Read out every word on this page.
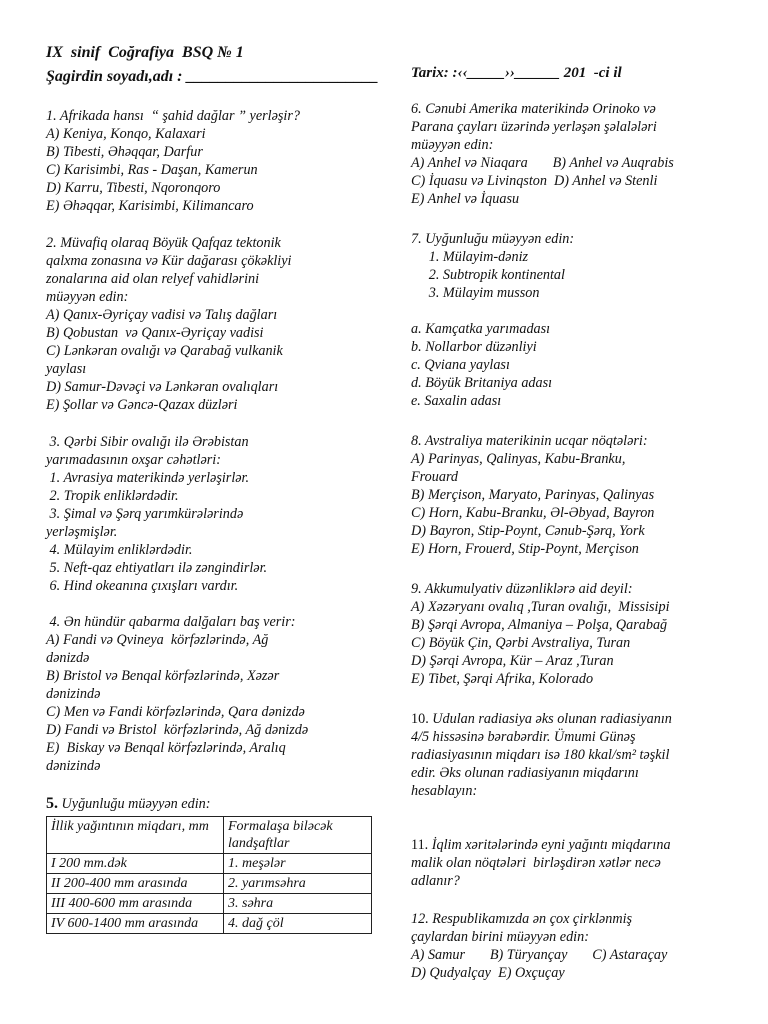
IX  sinif  Coğrafiya  BSQ № 1
Şagirdin soyadı,adı : ________________________ Tarix: :‹‹_____››______ 201  -ci il
1. Afrikada hansı  “ şahid dağlar ” yerləşir?
A) Keniya, Konqo, Kalaxari
B) Tibesti, Əhəqqar, Darfur
C) Karisimbi, Ras - Daşan, Kamerun
D) Karru, Tibesti, Nqoronqoro
E) Əhəqqar, Karisimbi, Kilimancaro
2. Müvafiq olaraq Böyük Qafqaz tektonik
qalxma zonasına və Kür dağarası çökəkliyi
zonalarına aid olan relyef vahidlərini
müəyyən edin:
A) Qanıx-Əyriçay vadisi və Talış dağları
B) Qobustan  və Qanıx-Əyriçay vadisi
C) Lənkəran ovalığı və Qarabağ vulkanik
yaylası
D) Samur-Dəvəçi və Lənkəran ovalıqları
E) Şollar və Gəncə-Qazax düzləri
3. Qərbi Sibir ovalığı ilə Ərəbistan
yarımadasının oxşar cəhətləri:
1. Avrasiya materikində yerləşirlər.
2. Tropik enliklərdədir.
3. Şimal və Şərq yarımkürələrində
yerləşmişlər.
4. Mülayim enliklərdədir.
5. Neft-qaz ehtiyatları ilə zəngindirlər.
6. Hind okeanına çıxışları vardır.
4. Ən hündür qabarma dalğaları baş verir:
A) Fandi və Qvineya  körfəzlərində, Ağ
dənizdə
B) Bristol və Benqal körfəzlərində, Xəzər
dənizində
C) Men və Fandi körfəzlərində, Qara dənizdə
D) Fandi və Bristol  körfəzlərində, Ağ dənizdə
E)  Biskay və Benqal körfəzlərində, Aralıq
dənizində
5. Uyğunluğu müəyyən edin:
İllik yağıntının miqdarı, mm	Formalaşa biləcək landşaftlar
I 200 mm.dək	1. meşələr
II 200-400 mm arasında	2. yarımsəhra
III 400-600 mm arasında	3. səhra
IV 600-1400 mm arasında	4. dağ çöl
6. Cənubi Amerika materikində Orinoko və
Parana çayları üzərində yerləşən şəlalələri
müəyyən edin:
A) Anhel və Niaqara       B) Anhel və Auqrabis
C) İquasu və Livinqston  D) Anhel və Stenli
E) Anhel və İquasu
7. Uyğunluğu müəyyən edin:
1. Mülayim-dəniz
2. Subtropik kontinental
3. Mülayim musson
a. Kamçatka yarımadası
b. Nollarbor düzənliyi
c. Qviana yaylası
d. Böyük Britaniya adası
e. Saxalin adası
8. Avstraliya materikinin ucqar nöqtələri:
A) Parinyas, Qalinyas, Kabu-Branku,
Frouard
B) Merçison, Maryato, Parinyas, Qalinyas
C) Horn, Kabu-Branku, Əl-Əbyad, Bayron
D) Bayron, Stip-Poynt, Cənub-Şərq, York
E) Horn, Frouerd, Stip-Poynt, Merçison
9. Akkumulyativ düzənliklərə aid deyil:
A) Xəzəryanı ovalıq ,Turan ovalığı,  Missisipi
B) Şərqi Avropa, Almaniya – Polşa, Qarabağ
C) Böyük Çin, Qərbi Avstraliya, Turan
D) Şərqi Avropa, Kür – Araz ,Turan
E) Tibet, Şərqi Afrika, Kolorado
10. Udulan radiasiya əks olunan radiasiyanın
4/5 hissəsinə bərabərdir. Ümumi Günəş
radiasiyasının miqdarı isə 180 kkal/sm² təşkil
edir. Əks olunan radiasiyanın miqdarını
hesablayın:
11. İqlim xəritələrində eyni yağıntı miqdarına
malik olan nöqtələri  birləşdirən xətlər necə
adlanır?
12. Respublikamızda ən çox çirklənmiş
çaylardan birini müəyyən edin:
A) Samur       B) Türyançay       C) Astaraçay
D) Qudyalçay  E) Oxçuçay
